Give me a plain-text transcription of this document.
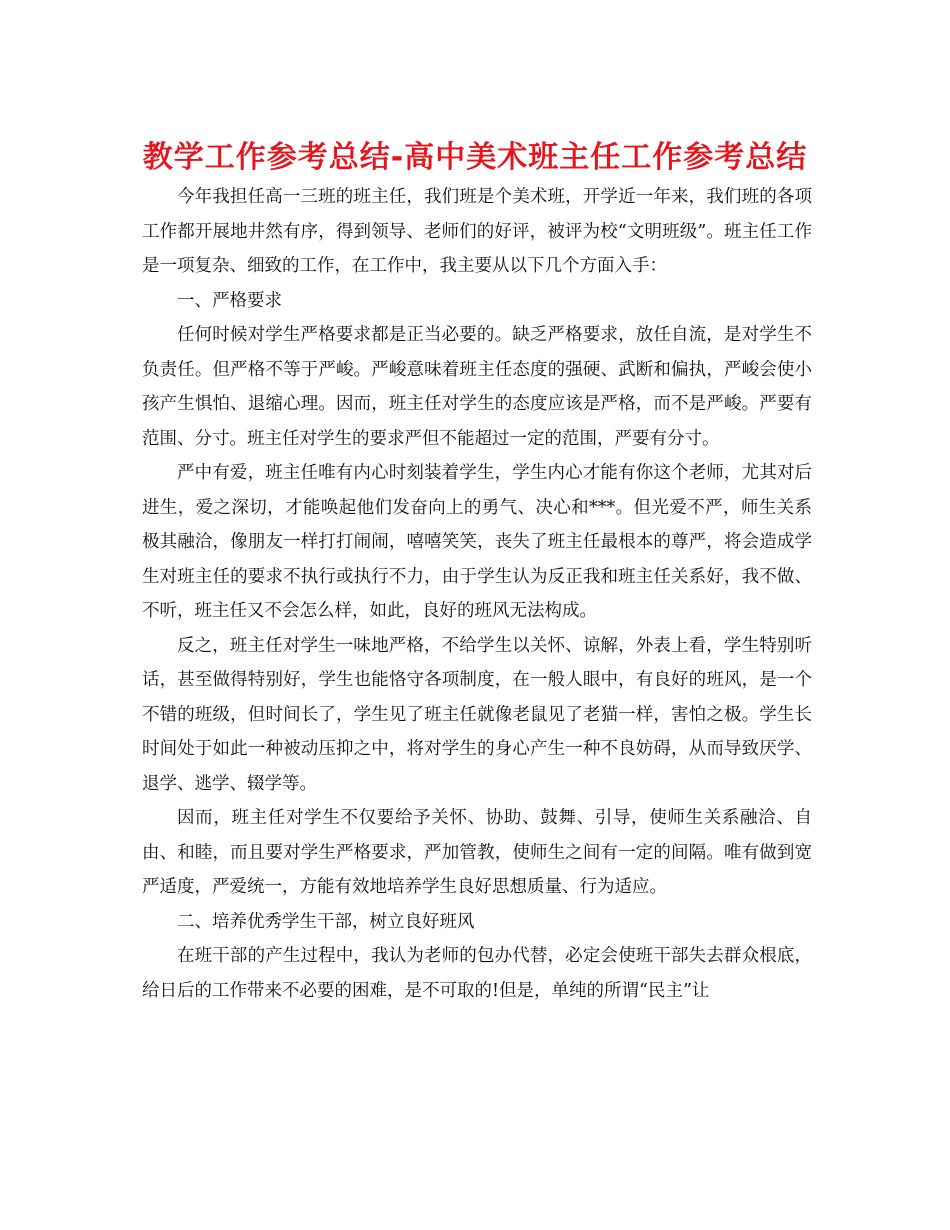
教学工作参考总结-高中美术班主任工作参考总结

今年我担任高一三班的班主任，我们班是个美术班，开学近一年来，我们班的各项工作都开展地井然有序，得到领导、老师们的好评，被评为校“文明班级”。班主任工作是一项复杂、细致的工作，在工作中，我主要从以下几个方面入手：

一、严格要求

任何时候对学生严格要求都是正当必要的。缺乏严格要求，放任自流，是对学生不负责任。但严格不等于严峻。严峻意味着班主任态度的强硬、武断和偏执，严峻会使小孩产生惧怕、退缩心理。因而，班主任对学生的态度应该是严格，而不是严峻。严要有范围、分寸。班主任对学生的要求严但不能超过一定的范围，严要有分寸。

严中有爱，班主任唯有内心时刻装着学生，学生内心才能有你这个老师，尤其对后进生，爱之深切，才能唤起他们发奋向上的勇气、决心和***。但光爱不严，师生关系极其融洽，像朋友一样打打闹闹，嘻嘻笑笑，丧失了班主任最根本的尊严，将会造成学生对班主任的要求不执行或执行不力，由于学生认为反正我和班主任关系好，我不做、不听，班主任又不会怎么样，如此，良好的班风无法构成。

反之，班主任对学生一味地严格，不给学生以关怀、谅解，外表上看，学生特别听话，甚至做得特别好，学生也能恪守各项制度，在一般人眼中，有良好的班风，是一个不错的班级，但时间长了，学生见了班主任就像老鼠见了老猫一样，害怕之极。学生长时间处于如此一种被动压抑之中，将对学生的身心产生一种不良妨碍，从而导致厌学、退学、逃学、辍学等。

因而，班主任对学生不仅要给予关怀、协助、鼓舞、引导，使师生关系融洽、自由、和睦，而且要对学生严格要求，严加管教，使师生之间有一定的间隔。唯有做到宽严适度，严爱统一，方能有效地培养学生良好思想质量、行为适应。

二、培养优秀学生干部，树立良好班风

在班干部的产生过程中，我认为老师的包办代替，必定会使班干部失去群众根底，给日后的工作带来不必要的困难，是不可取的!但是，单纯的所谓“民主”让
